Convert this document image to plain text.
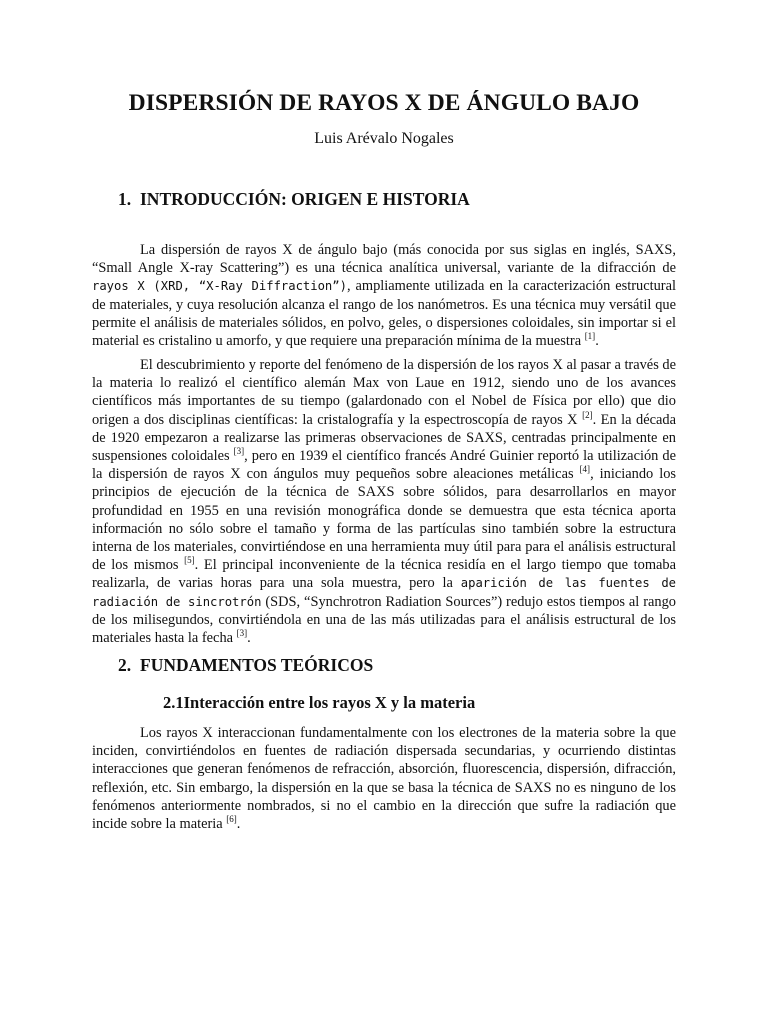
DISPERSIÓN DE RAYOS X DE ÁNGULO BAJO
Luis Arévalo Nogales
1. INTRODUCCIÓN: ORIGEN E HISTORIA

La dispersión de rayos X de ángulo bajo (más conocida por sus siglas en inglés, SAXS, “Small Angle X-ray Scattering”) es una técnica analítica universal, variante de la difracción de rayos X (XRD, “X-Ray Diffraction”), ampliamente utilizada en la caracterización estructural de materiales, y cuya resolución alcanza el rango de los nanómetros. Es una técnica muy versátil que permite el análisis de materiales sólidos, en polvo, geles, o dispersiones coloidales, sin importar si el material es cristalino u amorfo, y que requiere una preparación mínima de la muestra [1].

El descubrimiento y reporte del fenómeno de la dispersión de los rayos X al pasar a través de la materia lo realizó el científico alemán Max von Laue en 1912, siendo uno de los avances científicos más importantes de su tiempo (galardonado con el Nobel de Física por ello) que dio origen a dos disciplinas científicas: la cristalografía y la espectroscopía de rayos X [2]. En la década de 1920 empezaron a realizarse las primeras observaciones de SAXS, centradas principalmente en suspensiones coloidales [3], pero en 1939 el científico francés André Guinier reportó la utilización de la dispersión de rayos X con ángulos muy pequeños sobre aleaciones metálicas [4], iniciando los principios de ejecución de la técnica de SAXS sobre sólidos, para desarrollarlos en mayor profundidad en 1955 en una revisión monográfica donde se demuestra que esta técnica aporta información no sólo sobre el tamaño y forma de las partículas sino también sobre la estructura interna de los materiales, convirtiéndose en una herramienta muy útil para para el análisis estructural de los mismos [5]. El principal inconveniente de la técnica residía en el largo tiempo que tomaba realizarla, de varias horas para una sola muestra, pero la aparición de las fuentes de radiación de sincrotrón (SDS, “Synchrotron Radiation Sources”) redujo estos tiempos al rango de los milisegundos, convirtiéndola en una de las más utilizadas para el análisis estructural de los materiales hasta la fecha [3].

2. FUNDAMENTOS TEÓRICOS
2.1Interacción entre los rayos X y la materia

Los rayos X interaccionan fundamentalmente con los electrones de la materia sobre la que inciden, convirtiéndolos en fuentes de radiación dispersada secundarias, y ocurriendo distintas interacciones que generan fenómenos de refracción, absorción, fluorescencia, dispersión, difracción, reflexión, etc. Sin embargo, la dispersión en la que se basa la técnica de SAXS no es ninguno de los fenómenos anteriormente nombrados, si no el cambio en la dirección que sufre la radiación que incide sobre la materia [6].
